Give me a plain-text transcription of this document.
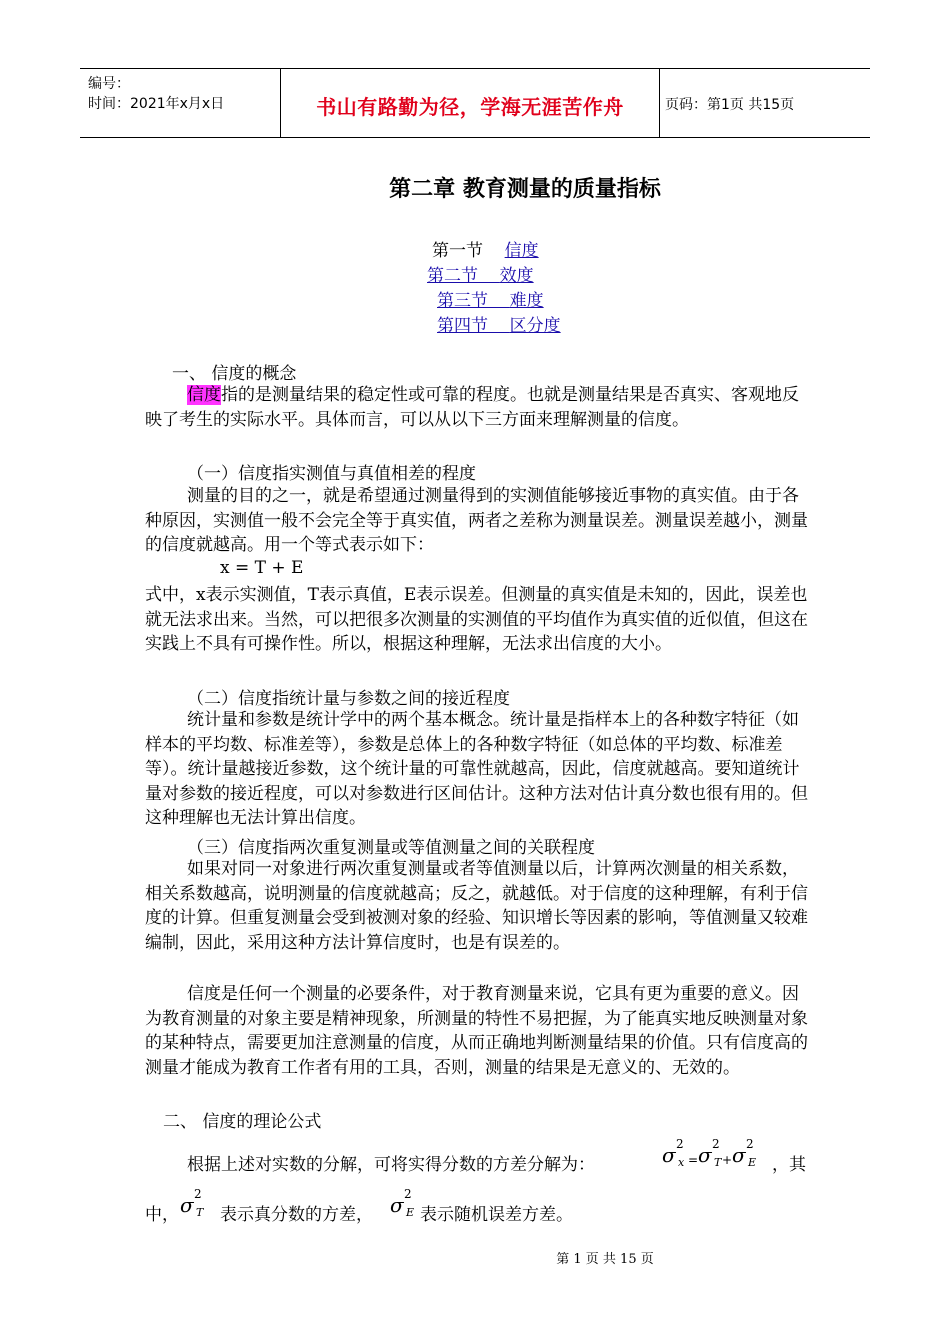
编号：
时间：2021年x月x日	书山有路勤为径，学海无涯苦作舟	页码：第1页 共15页
第二章 教育测量的质量指标
第一节 信度
第二节 效度
第三节 难度
第四节 区分度
一、 信度的概念
信度指的是测量结果的稳定性或可靠的程度。也就是测量结果是否真实、客观地反映了考生的实际水平。具体而言，可以从以下三方面来理解测量的信度。
（一）信度指实测值与真值相差的程度
测量的目的之一，就是希望通过测量得到的实测值能够接近事物的真实值。由于各种原因，实测值一般不会完全等于真实值，两者之差称为测量误差。测量误差越小，测量的信度就越高。用一个等式表示如下：
x = T + E
式中，x表示实测值，T表示真值，E表示误差。但测量的真实值是未知的，因此，误差也就无法求出来。当然，可以把很多次测量的实测值的平均值作为真实值的近似值，但这在实践上不具有可操作性。所以，根据这种理解，无法求出信度的大小。
（二）信度指统计量与参数之间的接近程度
统计量和参数是统计学中的两个基本概念。统计量是指样本上的各种数字特征（如样本的平均数、标准差等），参数是总体上的各种数字特征（如总体的平均数、标准差等）。统计量越接近参数，这个统计量的可靠性就越高，因此，信度就越高。要知道统计量对参数的接近程度，可以对参数进行区间估计。这种方法对估计真分数也很有用的。但这种理解也无法计算出信度。
（三）信度指两次重复测量或等值测量之间的关联程度
如果对同一对象进行两次重复测量或者等值测量以后，计算两次测量的相关系数，相关系数越高，说明测量的信度就越高；反之，就越低。对于信度的这种理解，有利于信度的计算。但重复测量会受到被测对象的经验、知识增长等因素的影响，等值测量又较难编制，因此，采用这种方法计算信度时，也是有误差的。
信度是任何一个测量的必要条件，对于教育测量来说，它具有更为重要的意义。因为教育测量的对象主要是精神现象，所测量的特性不易把握，为了能真实地反映测量对象的某种特点，需要更加注意测量的信度，从而正确地判断测量结果的价值。只有信度高的测量才能成为教育工作者有用的工具，否则，测量的结果是无意义的、无效的。
二、 信度的理论公式
根据上述对实数的分解，可将实得分数的方差分解为：	σ 2
x = σ 2
T + σ 2
E ，其
中， σ 2
T 表示真分数的方差， σ 2
E 表示随机误差方差。
第 1 页 共 15 页
